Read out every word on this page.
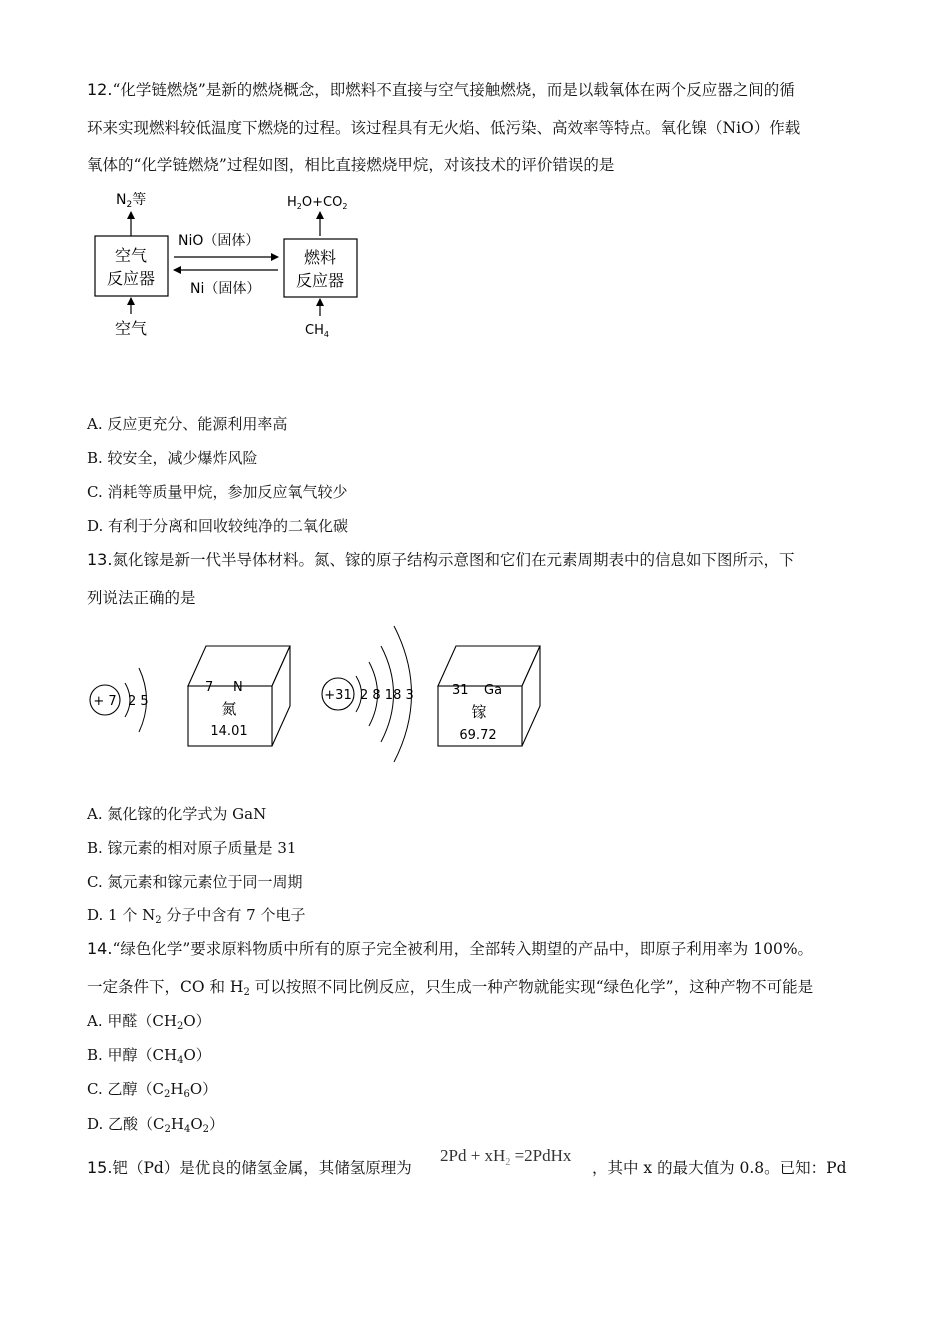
12.“化学链燃烧”是新的燃烧概念，即燃料不直接与空气接触燃烧，而是以载氧体在两个反应器之间的循
环来实现燃料较低温度下燃烧的过程。该过程具有无火焰、低污染、高效率等特点。氧化镍（NiO）作载
氧体的“化学链燃烧”过程如图，相比直接燃烧甲烷，对该技术的评价错误的是
$N_2$等	$H_2O+CO_2$
空气
反应器
燃料
反应器
NiO（固体）
Ni（固体）
空气	$CH_4$
A. 反应更充分、能源利用率高
B. 较安全，减少爆炸风险
C. 消耗等质量甲烷，参加反应氧气较少
D. 有利于分离和回收较纯净的二氧化碳
13.氮化镓是新一代半导体材料。氮、镓的原子结构示意图和它们在元素周期表中的信息如下图所示，下
列说法正确的是
+ 7 2 5
7 N
氮
14.01
+31 2 8 18 3	31 Ga
镓
69.72
A. 氮化镓的化学式为 GaN
B. 镓元素的相对原子质量是 31
C. 氮元素和镓元素位于同一周期
D. 1 个 $N_2$ 分子中含有 7 个电子
14.“绿色化学”要求原料物质中所有的原子完全被利用，全部转入期望的产品中，即原子利用率为 100%。
一定条件下，CO 和 $H_2$ 可以按照不同比例反应，只生成一种产物就能实现“绿色化学”，这种产物不可能是
A. 甲醛$(CH_2O)$
B. 甲醇$(CH_4O)$
C. 乙醇$(C_2H_6O)$
D. 乙酸$(C_2H_4O_2)$
15.钯（Pd）是优良的储氢金属，其储氢原理为
$2Pd + xH_2$ =2PdHx
，其中 x 的最大值为 0.8。已知：Pd
